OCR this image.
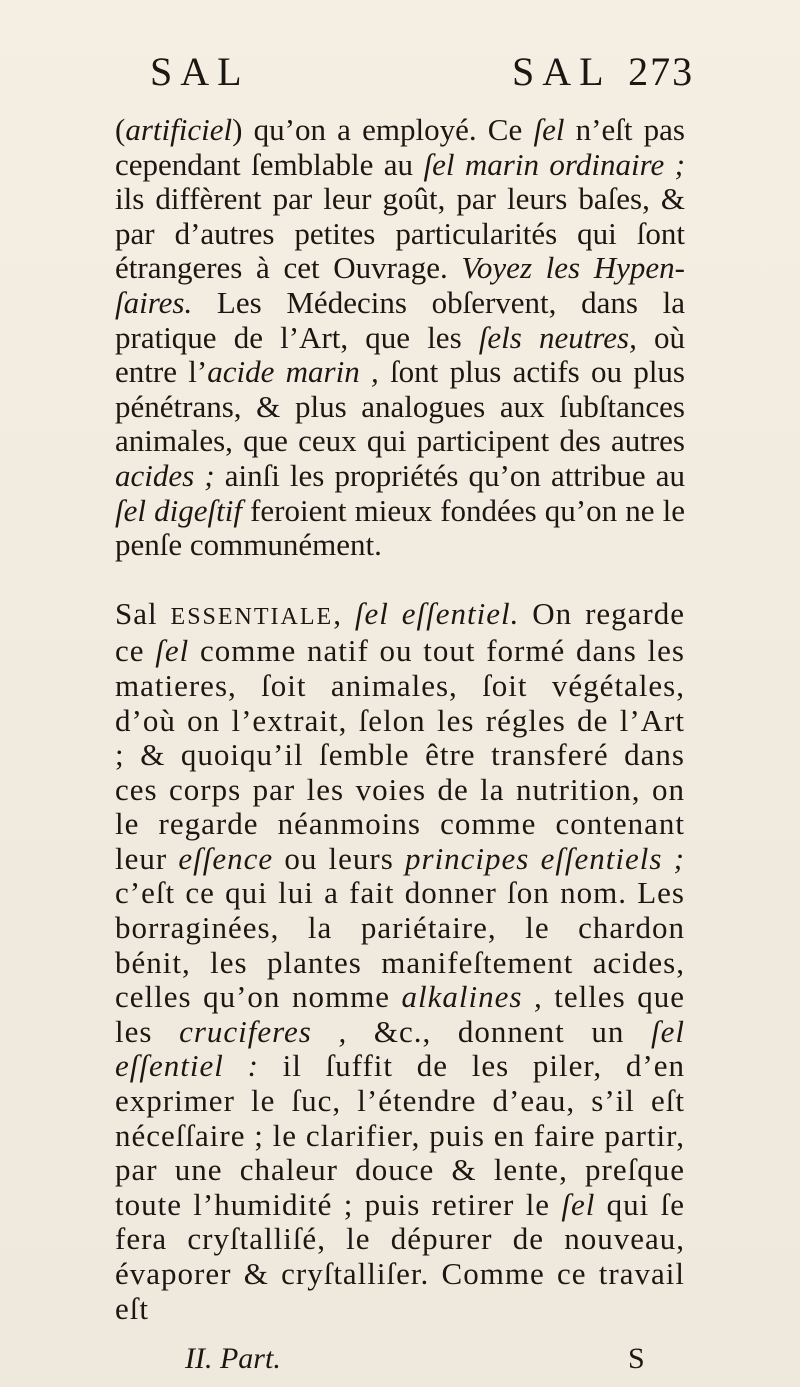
SAL	SAL 273

(artificiel) qu’on a employé. Ce ſel n’eſt pas cependant ſemblable au ſel marin ordinaire ; ils diffèrent par leur goût, par leurs baſes, & par d’autres petites particularités qui ſont étrangeres à cet Ouvrage. Voyez les Hypen-ſaires. Les Médecins obſervent, dans la pratique de l’Art, que les ſels neutres, où entre l’acide marin , ſont plus actifs ou plus pénétrans, & plus analogues aux ſubſtances animales, que ceux qui participent des autres acides ; ainſi les propriétés qu’on attribue au ſel digeſtif feroient mieux fondées qu’on ne le penſe communément.

Sal ESSENTIALE, ſel eſſentiel. On regarde ce ſel comme natif ou tout formé dans les matieres, ſoit animales, ſoit végétales, d’où on l’extrait, ſelon les régles de l’Art ; & quoiqu’il ſemble être transferé dans ces corps par les voies de la nutrition, on le regarde néanmoins comme contenant leur eſſence ou leurs principes eſſentiels ; c’eſt ce qui lui a fait donner ſon nom. Les borraginées, la pariétaire, le chardon bénit, les plantes manifeſtement acides, celles qu’on nomme alkalines , telles que les cruciferes , &c., donnent un ſel eſſentiel : il ſuffit de les piler, d’en exprimer le ſuc, l’étendre d’eau, s’il eſt néceſſaire ; le clarifier, puis en faire partir, par une chaleur douce & lente, preſque toute l’humidité ; puis retirer le ſel qui ſe fera cryſtalliſé, le dépurer de nouveau, évaporer & cryſtalliſer. Comme ce travail eſt

II. Part.	S
